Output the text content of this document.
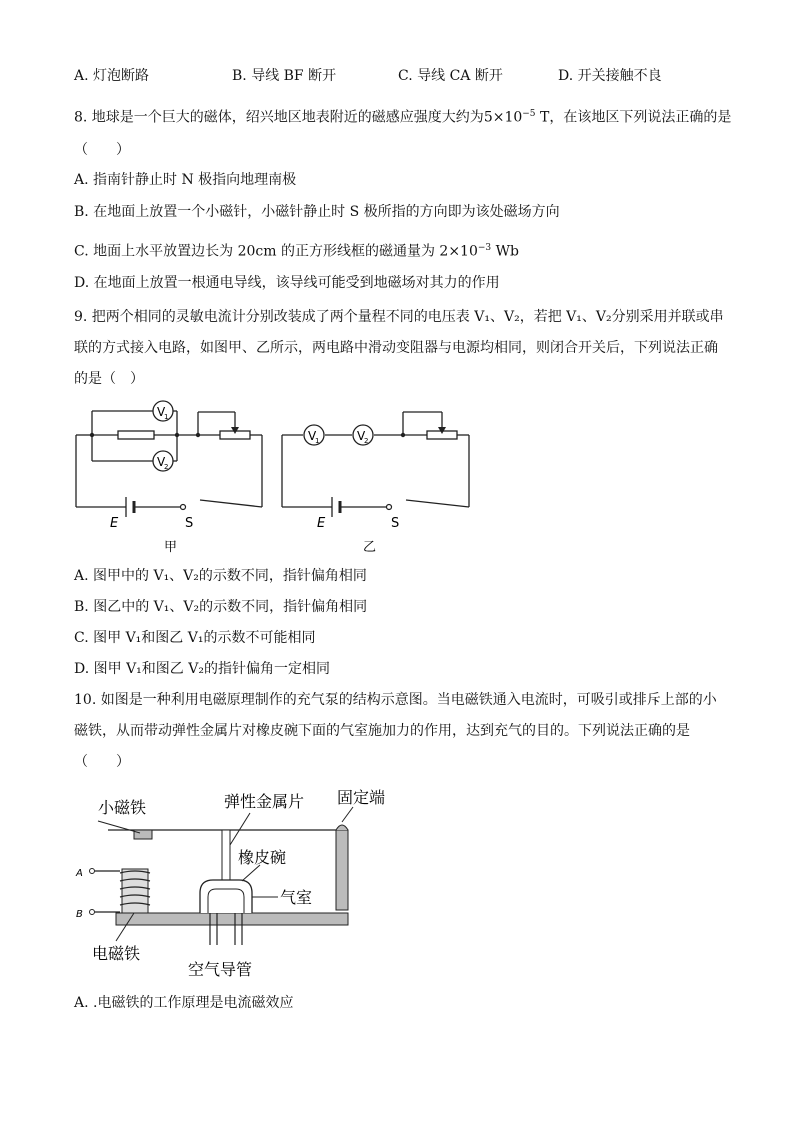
A. 灯泡断路	B. 导线 BF 断开	C. 导线 CA 断开	D. 开关接触不良
8. 地球是一个巨大的磁体，绍兴地区地表附近的磁感应强度大约为$5\times 10^{-5}$ T，在该地区下列说法正确的是
（　　）
A. 指南针静止时 N 极指向地理南极
B. 在地面上放置一个小磁针，小磁针静止时 S 极所指的方向即为该处磁场方向
C. 地面上水平放置边长为 20cm 的正方形线框的磁通量为 $2\times 10^{-3}$ Wb
D. 在地面上放置一根通电导线，该导线可能受到地磁场对其力的作用
9. 把两个相同的灵敏电流计分别改装成了两个量程不同的电压表 V₁、V₂，若把 V₁、V₂分别采用并联或串
联的方式接入电路，如图甲、乙所示，两电路中滑动变阻器与电源均相同，则闭合开关后，下列说法正确
的是（　）
V
1
V
2
V
1	V
2
E	S	E	S
甲	乙
A. 图甲中的 V₁、V₂的示数不同，指针偏角相同
B. 图乙中的 V₁、V₂的示数不同，指针偏角相同
C. 图甲 V₁和图乙 V₁的示数不可能相同
D. 图甲 V₁和图乙 V₂的指针偏角一定相同
10. 如图是一种利用电磁原理制作的充气泵的结构示意图。当电磁铁通入电流时，可吸引或排斥上部的小
磁铁，从而带动弹性金属片对橡皮碗下面的气室施加力的作用，达到充气的目的。下列说法正确的是
（　　）
A
B
小磁铁	弹性金属片 固定端
橡皮碗
气室
电磁铁
空气导管
A. .电磁铁的工作原理是电流磁效应
